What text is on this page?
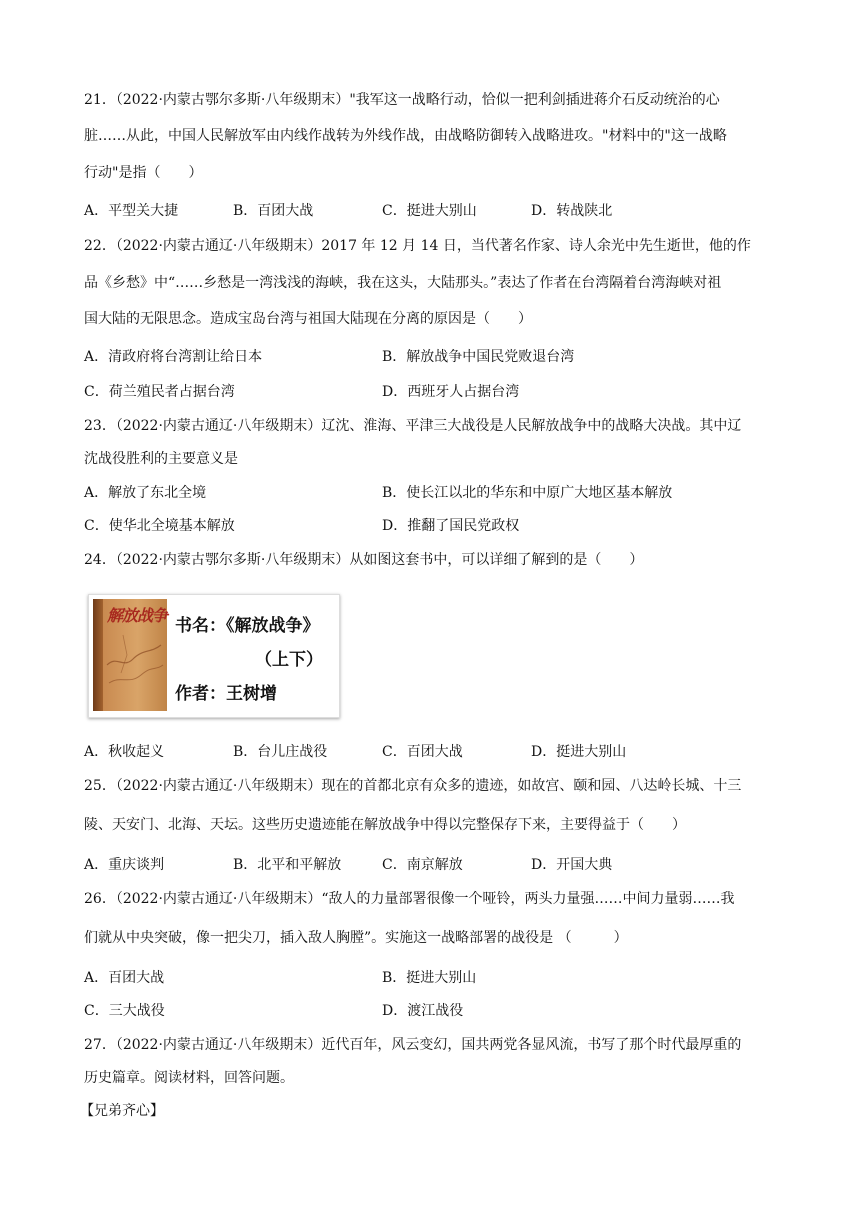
21．（2022·内蒙古鄂尔多斯·八年级期末）"我军这一战略行动，恰似一把利剑插进蒋介石反动统治的心
脏……从此，中国人民解放军由内线作战转为外线作战，由战略防御转入战略进攻。"材料中的"这一战略
行动"是指（　　）
A．平型关大捷	B．百团大战	C．挺进大别山	D．转战陕北
22．（2022·内蒙古通辽·八年级期末）2017 年 12 月 14 日，当代著名作家、诗人余光中先生逝世，他的作
品《乡愁》中“……乡愁是一湾浅浅的海峡，我在这头，大陆那头。”表达了作者在台湾隔着台湾海峡对祖
国大陆的无限思念。造成宝岛台湾与祖国大陆现在分离的原因是（　　）
A．清政府将台湾割让给日本	B．解放战争中国民党败退台湾
C．荷兰殖民者占据台湾	D．西班牙人占据台湾
23．（2022·内蒙古通辽·八年级期末）辽沈、淮海、平津三大战役是人民解放战争中的战略大决战。其中辽
沈战役胜利的主要意义是
A．解放了东北全境	B．使长江以北的华东和中原广大地区基本解放
C．使华北全境基本解放	D．推翻了国民党政权
24．（2022·内蒙古鄂尔多斯·八年级期末）从如图这套书中，可以详细了解到的是（　　）
解放战争
书名：《解放战争》
（上下）
作者：王树增
A．秋收起义	B．台儿庄战役	C．百团大战	D．挺进大别山
25．（2022·内蒙古通辽·八年级期末）现在的首都北京有众多的遗迹，如故宫、颐和园、八达岭长城、十三
陵、天安门、北海、天坛。这些历史遗迹能在解放战争中得以完整保存下来，主要得益于（　　）
A．重庆谈判	B．北平和平解放	C．南京解放	D．开国大典
26．（2022·内蒙古通辽·八年级期末）“敌人的力量部署很像一个哑铃，两头力量强……中间力量弱……我
们就从中央突破，像一把尖刀，插入敌人胸膛”。实施这一战略部署的战役是 （　　　）
A．百团大战	B．挺进大别山
C．三大战役	D．渡江战役
27．（2022·内蒙古通辽·八年级期末）近代百年，风云变幻，国共两党各显风流，书写了那个时代最厚重的
历史篇章。阅读材料，回答问题。
【兄弟齐心】
